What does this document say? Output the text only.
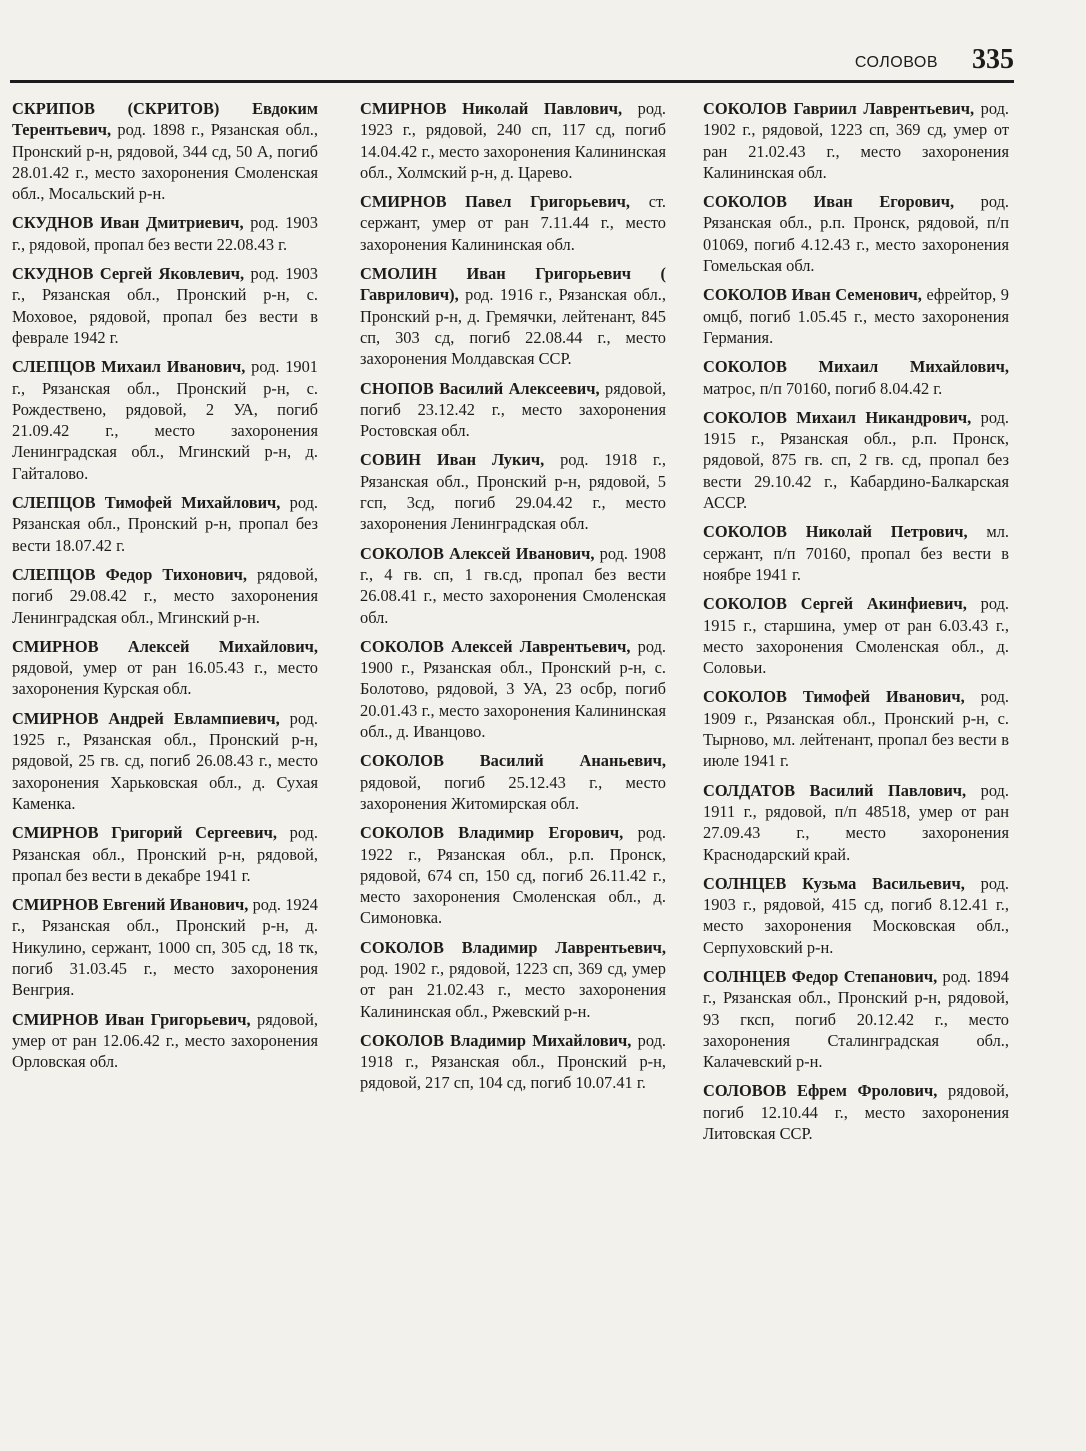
СОЛОВОВ 335

СКРИПОВ (СКРИТОВ) Евдоким Терентьевич, род. 1898 г., Рязанская обл., Пронский р-н, рядовой, 344 сд, 50 А, погиб 28.01.42 г., место захоронения Смоленская обл., Мосальский р-н.

СКУДНОВ Иван Дмитриевич, род. 1903 г., рядовой, пропал без вести 22.08.43 г.

СКУДНОВ Сергей Яковлевич, род. 1903 г., Рязанская обл., Пронский р-н, с. Моховое, рядовой, пропал без вести в феврале 1942 г.

СЛЕПЦОВ Михаил Иванович, род. 1901 г., Рязанская обл., Пронский р-н, с. Рождествено, рядовой, 2 УА, погиб 21.09.42 г., место захоронения Ленинградская обл., Мгинский р-н, д. Гайталово.

СЛЕПЦОВ Тимофей Михайлович, род. Рязанская обл., Пронский р-н, пропал без вести 18.07.42 г.

СЛЕПЦОВ Федор Тихонович, рядовой, погиб 29.08.42 г., место захоронения Ленинградская обл., Мгинский р-н.

СМИРНОВ Алексей Михайлович, рядовой, умер от ран 16.05.43 г., место захоронения Курская обл.

СМИРНОВ Андрей Евлампиевич, род. 1925 г., Рязанская обл., Пронский р-н, рядовой, 25 гв. сд, погиб 26.08.43 г., место захоронения Харьковская обл., д. Сухая Каменка.

СМИРНОВ Григорий Сергеевич, род. Рязанская обл., Пронский р-н, рядовой, пропал без вести в декабре 1941 г.

СМИРНОВ Евгений Иванович, род. 1924 г., Рязанская обл., Пронский р-н, д. Никулино, сержант, 1000 сп, 305 сд, 18 тк, погиб 31.03.45 г., место захоронения Венгрия.

СМИРНОВ Иван Григорьевич, рядовой, умер от ран 12.06.42 г., место захоронения Орловская обл.

СМИРНОВ Николай Павлович, род. 1923 г., рядовой, 240 сп, 117 сд, погиб 14.04.42 г., место захоронения Калининская обл., Холмский р-н, д. Царево.

СМИРНОВ Павел Григорьевич, ст. сержант, умер от ран 7.11.44 г., место захоронения Калининская обл.

СМОЛИН Иван Григорьевич ( Гаврилович), род. 1916 г., Рязанская обл., Пронский р-н, д. Гремячки, лейтенант, 845 сп, 303 сд, погиб 22.08.44 г., место захоронения Молдавская ССР.

СНОПОВ Василий Алексеевич, рядовой, погиб 23.12.42 г., место захоронения Ростовская обл.

СОВИН Иван Лукич, род. 1918 г., Рязанская обл., Пронский р-н, рядовой, 5 гсп, 3сд, погиб 29.04.42 г., место захоронения Ленинградская обл.

СОКОЛОВ Алексей Иванович, род. 1908 г., 4 гв. сп, 1 гв.сд, пропал без вести 26.08.41 г., место захоронения Смоленская обл.

СОКОЛОВ Алексей Лаврентьевич, род. 1900 г., Рязанская обл., Пронский р-н, с. Болотово, рядовой, 3 УА, 23 осбр, погиб 20.01.43 г., место захоронения Калининская обл., д. Иванцово.

СОКОЛОВ Василий Ананьевич, рядовой, погиб 25.12.43 г., место захоронения Житомирская обл.

СОКОЛОВ Владимир Егорович, род. 1922 г., Рязанская обл., р.п. Пронск, рядовой, 674 сп, 150 сд, погиб 26.11.42 г., место захоронения Смоленская обл., д. Симоновка.

СОКОЛОВ Владимир Лаврентьевич, род. 1902 г., рядовой, 1223 сп, 369 сд, умер от ран 21.02.43 г., место захоронения Калининская обл., Ржевский р-н.

СОКОЛОВ Владимир Михайлович, род. 1918 г., Рязанская обл., Пронский р-н, рядовой, 217 сп, 104 сд, погиб 10.07.41 г.

СОКОЛОВ Гавриил Лаврентьевич, род. 1902 г., рядовой, 1223 сп, 369 сд, умер от ран 21.02.43 г., место захоронения Калининская обл.

СОКОЛОВ Иван Егорович, род. Рязанская обл., р.п. Пронск, рядовой, п/п 01069, погиб 4.12.43 г., место захоронения Гомельская обл.

СОКОЛОВ Иван Семенович, ефрейтор, 9 омцб, погиб 1.05.45 г., место захоронения Германия.

СОКОЛОВ Михаил Михайлович, матрос, п/п 70160, погиб 8.04.42 г.

СОКОЛОВ Михаил Никандрович, род. 1915 г., Рязанская обл., р.п. Пронск, рядовой, 875 гв. сп, 2 гв. сд, пропал без вести 29.10.42 г., Кабардино-Балкарская АССР.

СОКОЛОВ Николай Петрович, мл. сержант, п/п 70160, пропал без вести в ноябре 1941 г.

СОКОЛОВ Сергей Акинфиевич, род. 1915 г., старшина, умер от ран 6.03.43 г., место захоронения Смоленская обл., д. Соловьи.

СОКОЛОВ Тимофей Иванович, род. 1909 г., Рязанская обл., Пронский р-н, с. Тырново, мл. лейтенант, пропал без вести в июле 1941 г.

СОЛДАТОВ Василий Павлович, род. 1911 г., рядовой, п/п 48518, умер от ран 27.09.43 г., место захоронения Краснодарский край.

СОЛНЦЕВ Кузьма Васильевич, род. 1903 г., рядовой, 415 сд, погиб 8.12.41 г., место захоронения Московская обл., Серпуховский р-н.

СОЛНЦЕВ Федор Степанович, род. 1894 г., Рязанская обл., Пронский р-н, рядовой, 93 гксп, погиб 20.12.42 г., место захоронения Сталинградская обл., Калачевский р-н.

СОЛОВОВ Ефрем Фролович, рядовой, погиб 12.10.44 г., место захоронения Литовская ССР.
